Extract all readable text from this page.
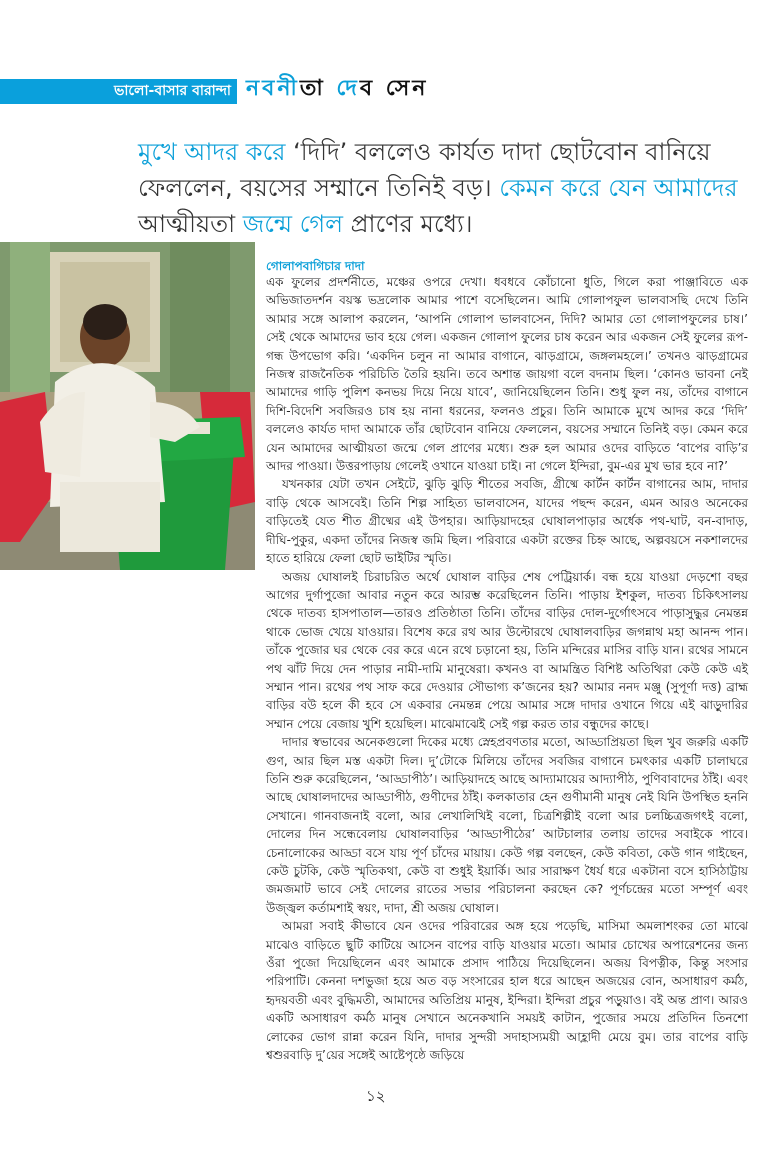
ভালো-বাসার বারান্দা নবনীতা দেব সেন

মুখে আদর করে ‘দিদি’ বললেও কার্যত দাদা ছোটবোন বানিয়ে ফেললেন, বয়সের সম্মানে তিনিই বড়। কেমন করে যেন আমাদের আত্মীয়তা জন্মে গেল প্রাণের মধ্যে।

গোলাপবাগিচার দাদা

এক ফুলের প্রদর্শনীতে, মঞ্চের ওপরে দেখা। ধবধবে কোঁচানো ধুতি, গিলে করা পাঞ্জাবিতে এক অভিজাতদর্শন বয়স্ক ভদ্রলোক আমার পাশে বসেছিলেন। আমি গোলাপফুল ভালবাসছি দেখে তিনি আমার সঙ্গে আলাপ করলেন, ‘আপনি গোলাপ ভালবাসেন, দিদি? আমার তো গোলাপফুলের চাষ।’ সেই থেকে আমাদের ভাব হয়ে গেল। একজন গোলাপ ফুলের চাষ করেন আর একজন সেই ফুলের রূপ-গন্ধ উপভোগ করি। ‘একদিন চলুন না আমার বাগানে, ঝাড়গ্রামে, জঙ্গলমহলে।’ তখনও ঝাড়গ্রামের নিজস্ব রাজনৈতিক পরিচিতি তৈরি হয়নি। তবে অশান্ত জায়গা বলে বদনাম ছিল। ‘কোনও ভাবনা নেই আমাদের গাড়ি পুলিশ কনভয় দিয়ে নিয়ে যাবে’, জানিয়েছিলেন তিনি। শুধু ফুল নয়, তাঁদের বাগানে দিশি-বিদেশি সবজিরও চাষ হয় নানা ধরনের, ফলনও প্রচুর। তিনি আমাকে মুখে আদর করে ‘দিদি’ বললেও কার্যত দাদা আমাকে তাঁর ছোটবোন বানিয়ে ফেললেন, বয়সের সম্মানে তিনিই বড়। কেমন করে যেন আমাদের আত্মীয়তা জন্মে গেল প্রাণের মধ্যে। শুরু হল আমার ওদের বাড়িতে ‘বাপের বাড়ি’র আদর পাওয়া। উত্তরপাড়ায় গেলেই ওখানে যাওয়া চাই। না গেলে ইন্দিরা, বুম-এর মুখ ভার হবে না?’

যখনকার যেটা তখন সেইটে, ঝুড়ি ঝুড়ি শীতের সবজি, গ্রীষ্মে কার্টন কার্টন বাগানের আম, দাদার বাড়ি থেকে আসবেই। তিনি শিল্প সাহিত্য ভালবাসেন, যাদের পছন্দ করেন, এমন আরও অনেকের বাড়িতেই যেত শীত গ্রীষ্মের এই উপহার। আড়িয়াদহের ঘোষালপাড়ার অর্ধেক পথ-ঘাট, বন-বাদাড়, দীঘি-পুকুর, একদা তাঁদের নিজস্ব জমি ছিল। পরিবারে একটা রক্তের চিহ্ন আছে, অল্পবয়সে নকশালদের হাতে হারিয়ে ফেলা ছোট ভাইটির স্মৃতি।

অজয় ঘোষালই চিরাচরিত অর্থে ঘোষাল বাড়ির শেষ পেট্রিয়ার্ক। বন্ধ হয়ে যাওয়া দেড়শো বছর আগের দুর্গাপুজো আবার নতুন করে আরম্ভ করেছিলেন তিনি। পাড়ায় ইশকুল, দাতব্য চিকিৎসালয় থেকে দাতব্য হাসপাতাল—তারও প্রতিষ্ঠাতা তিনি। তাঁদের বাড়ির দোল-দুর্গোৎসবে পাড়াসুদ্ধুর নেমন্তন্ন থাকে ভোজ খেয়ে যাওয়ার। বিশেষ করে রথ আর উল্টোরথে ঘোষালবাড়ির জগন্নাথ মহা আনন্দ পান। তাঁকে পুজোর ঘর থেকে বের করে এনে রথে চড়ানো হয়, তিনি মন্দিরের মাসির বাড়ি যান। রথের সামনে পথ ঝাঁট দিয়ে দেন পাড়ার নামী-দামি মানুষেরা। কখনও বা আমন্ত্রিত বিশিষ্ট অতিথিরা কেউ কেউ এই সম্মান পান। রথের পথ সাফ করে দেওয়ার সৌভাগ্য ক’জনের হয়? আমার ননদ মঞ্জু (সুপূর্ণা দত্ত) ব্রাহ্ম বাড়ির বউ হলে কী হবে সে একবার নেমন্তন্ন পেয়ে আমার সঙ্গে দাদার ওখানে গিয়ে এই ঝাড়ুদারির সম্মান পেয়ে বেজায় খুশি হয়েছিল। মাঝেমাঝেই সেই গল্প করত তার বন্ধুদের কাছে।

দাদার স্বভাবের অনেকগুলো দিকের মধ্যে স্নেহপ্রবণতার মতো, আড্ডাপ্রিয়তা ছিল খুব জরুরি একটি গুণ, আর ছিল মস্ত একটা দিল। দু’টোকে মিলিয়ে তাঁদের সবজির বাগানে চমৎকার একটি চালাঘরে তিনি শুরু করেছিলেন, ‘আড্ডাপীঠ’। আড়িয়াদহে আছে আদ্যামায়ের আদ্যাপীঠ, পুণিবাবাদের ঠাঁই। এবং আছে ঘোষালদাদের আড্ডাপীঠ, গুণীদের ঠাঁই। কলকাতার হেন গুণীমানী মানুষ নেই যিনি উপস্থিত হননি সেখানে। গানবাজনাই বলো, আর লেখালিখিই বলো, চিত্রশিল্পীই বলো আর চলচ্চিত্রজগৎই বলো, দোলের দিন সন্ধেবেলায় ঘোষালবাড়ির ‘আড্ডাপীঠের’ আটচালার তলায় তাদের সবাইকে পাবে। চেনালোকের আড্ডা বসে যায় পূর্ণ চাঁদের মায়ায়। কেউ গল্প বলছেন, কেউ কবিতা, কেউ গান গাইছেন, কেউ চুটকি, কেউ স্মৃতিকথা, কেউ বা শুধুই ইয়ার্কি। আর সারাক্ষণ ধৈর্য ধরে একটানা বসে হাসিঠাট্টায় জমজমাট ভাবে সেই দোলের রাতের সভার পরিচালনা করছেন কে? পূর্ণচন্দ্রের মতো সম্পূর্ণ এবং উজ্জ্বল কর্তামশাই স্বয়ং, দাদা, শ্রী অজয় ঘোষাল।

আমরা সবাই কীভাবে যেন ওদের পরিবারের অঙ্গ হয়ে পড়েছি, মাসিমা অমলাশংকর তো মাঝে মাঝেও বাড়িতে ছুটি কাটিয়ে আসেন বাপের বাড়ি যাওয়ার মতো। আমার চোখের অপারেশনের জন্য ওঁরা পুজো দিয়েছিলেন এবং আমাকে প্রসাদ পাঠিয়ে দিয়েছিলেন। অজয় বিপত্নীক, কিন্তু সংসার পরিপাটি। কেননা দশভুজা হয়ে অত বড় সংসারের হাল ধরে আছেন অজয়ের বোন, অসাধারণ কর্মঠ, হৃদয়বতী এবং বুদ্ধিমতী, আমাদের অতিপ্রিয় মানুষ, ইন্দিরা। ইন্দিরা প্রচুর পড়ুয়াও। বই অন্ত প্রাণ। আরও একটি অসাধারণ কর্মঠ মানুষ সেখানে অনেকখানি সময়ই কাটান, পুজোর সময়ে প্রতিদিন তিনশো লোকের ভোগ রান্না করেন যিনি, দাদার সুন্দরী সদাহাস্যময়ী আহ্লাদী মেয়ে বুম। তার বাপের বাড়ি শ্বশুরবাড়ি দু’য়ের সঙ্গেই আষ্টেপৃষ্ঠে জড়িয়ে

১২
